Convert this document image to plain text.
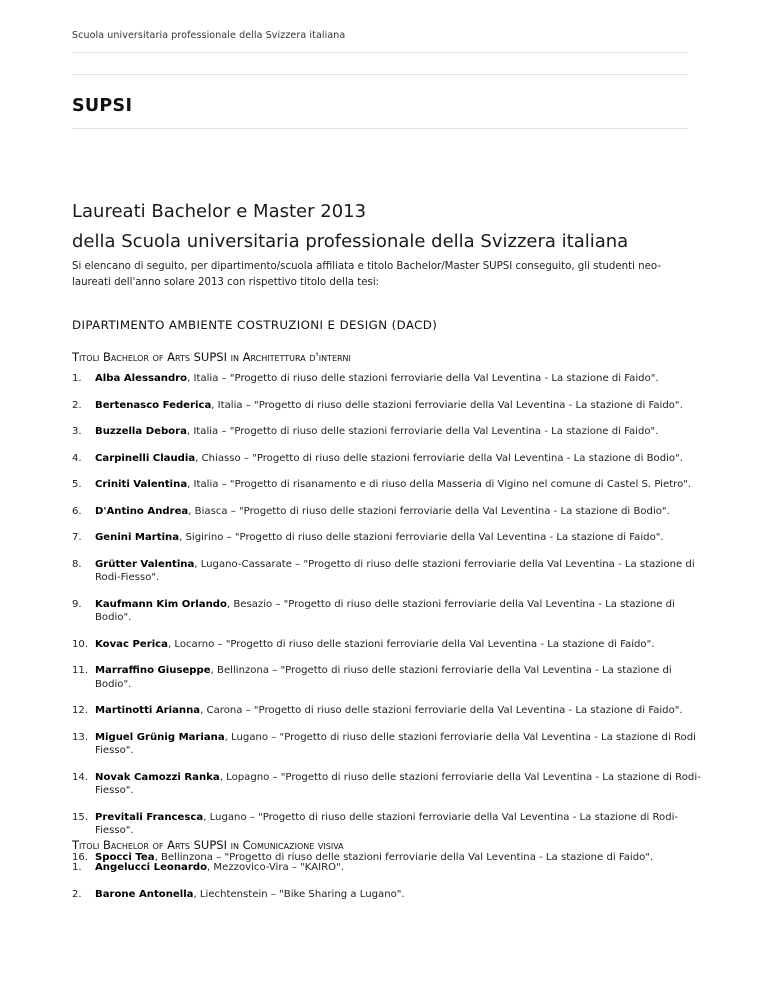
Scuola universitaria professionale della Svizzera italiana
SUPSI
Laureati Bachelor e Master 2013
della Scuola universitaria professionale della Svizzera italiana
Si elencano di seguito, per dipartimento/scuola affiliata e titolo Bachelor/Master SUPSI conseguito, gli studenti neo-laureati dell'anno solare 2013 con rispettivo titolo della tesi:
DIPARTIMENTO AMBIENTE COSTRUZIONI E DESIGN (DACD)
Titoli Bachelor of Arts SUPSI in Architettura d'interni
1.	Alba Alessandro, Italia – "Progetto di riuso delle stazioni ferroviarie della Val Leventina - La stazione di Faido".
2.	Bertenasco Federica, Italia – "Progetto di riuso delle stazioni ferroviarie della Val Leventina - La stazione di Faido".
3.	Buzzella Debora, Italia – "Progetto di riuso delle stazioni ferroviarie della Val Leventina - La stazione di Faido".
4.	Carpinelli Claudia, Chiasso – "Progetto di riuso delle stazioni ferroviarie della Val Leventina - La stazione di Bodio".
5.	Criniti Valentina, Italia – "Progetto di risanamento e di riuso della Masseria di Vigino nel comune di Castel S. Pietro".
6.	D'Antino Andrea, Biasca – "Progetto di riuso delle stazioni ferroviarie della Val Leventina - La stazione di Bodio".
7.	Genini Martina, Sigirino – "Progetto di riuso delle stazioni ferroviarie della Val Leventina - La stazione di Faido".
8.	Grütter Valentina, Lugano-Cassarate – "Progetto di riuso delle stazioni ferroviarie della Val Leventina - La stazione di Rodi-Fiesso".
9.	Kaufmann Kim Orlando, Besazio – "Progetto di riuso delle stazioni ferroviarie della Val Leventina - La stazione di Bodio".
10. Kovac Perica, Locarno – "Progetto di riuso delle stazioni ferroviarie della Val Leventina - La stazione di Faido".
11. Marraffino Giuseppe, Bellinzona – "Progetto di riuso delle stazioni ferroviarie della Val Leventina - La stazione di Bodio".
12. Martinotti Arianna, Carona – "Progetto di riuso delle stazioni ferroviarie della Val Leventina - La stazione di Faido".
13. Miguel Grünig Mariana, Lugano – "Progetto di riuso delle stazioni ferroviarie della Val Leventina - La stazione di Rodi Fiesso".
14. Novak Camozzi Ranka, Lopagno – "Progetto di riuso delle stazioni ferroviarie della Val Leventina - La stazione di Rodi-Fiesso".
15. Previtali Francesca, Lugano – "Progetto di riuso delle stazioni ferroviarie della Val Leventina - La stazione di Rodi-Fiesso".
16. Spocci Tea, Bellinzona – "Progetto di riuso delle stazioni ferroviarie della Val Leventina - La stazione di Faido".
Titoli Bachelor of Arts SUPSI in Comunicazione visiva
1.	Angelucci Leonardo, Mezzovico-Vira – "KAIRO".
2.	Barone Antonella, Liechtenstein – "Bike Sharing a Lugano".
